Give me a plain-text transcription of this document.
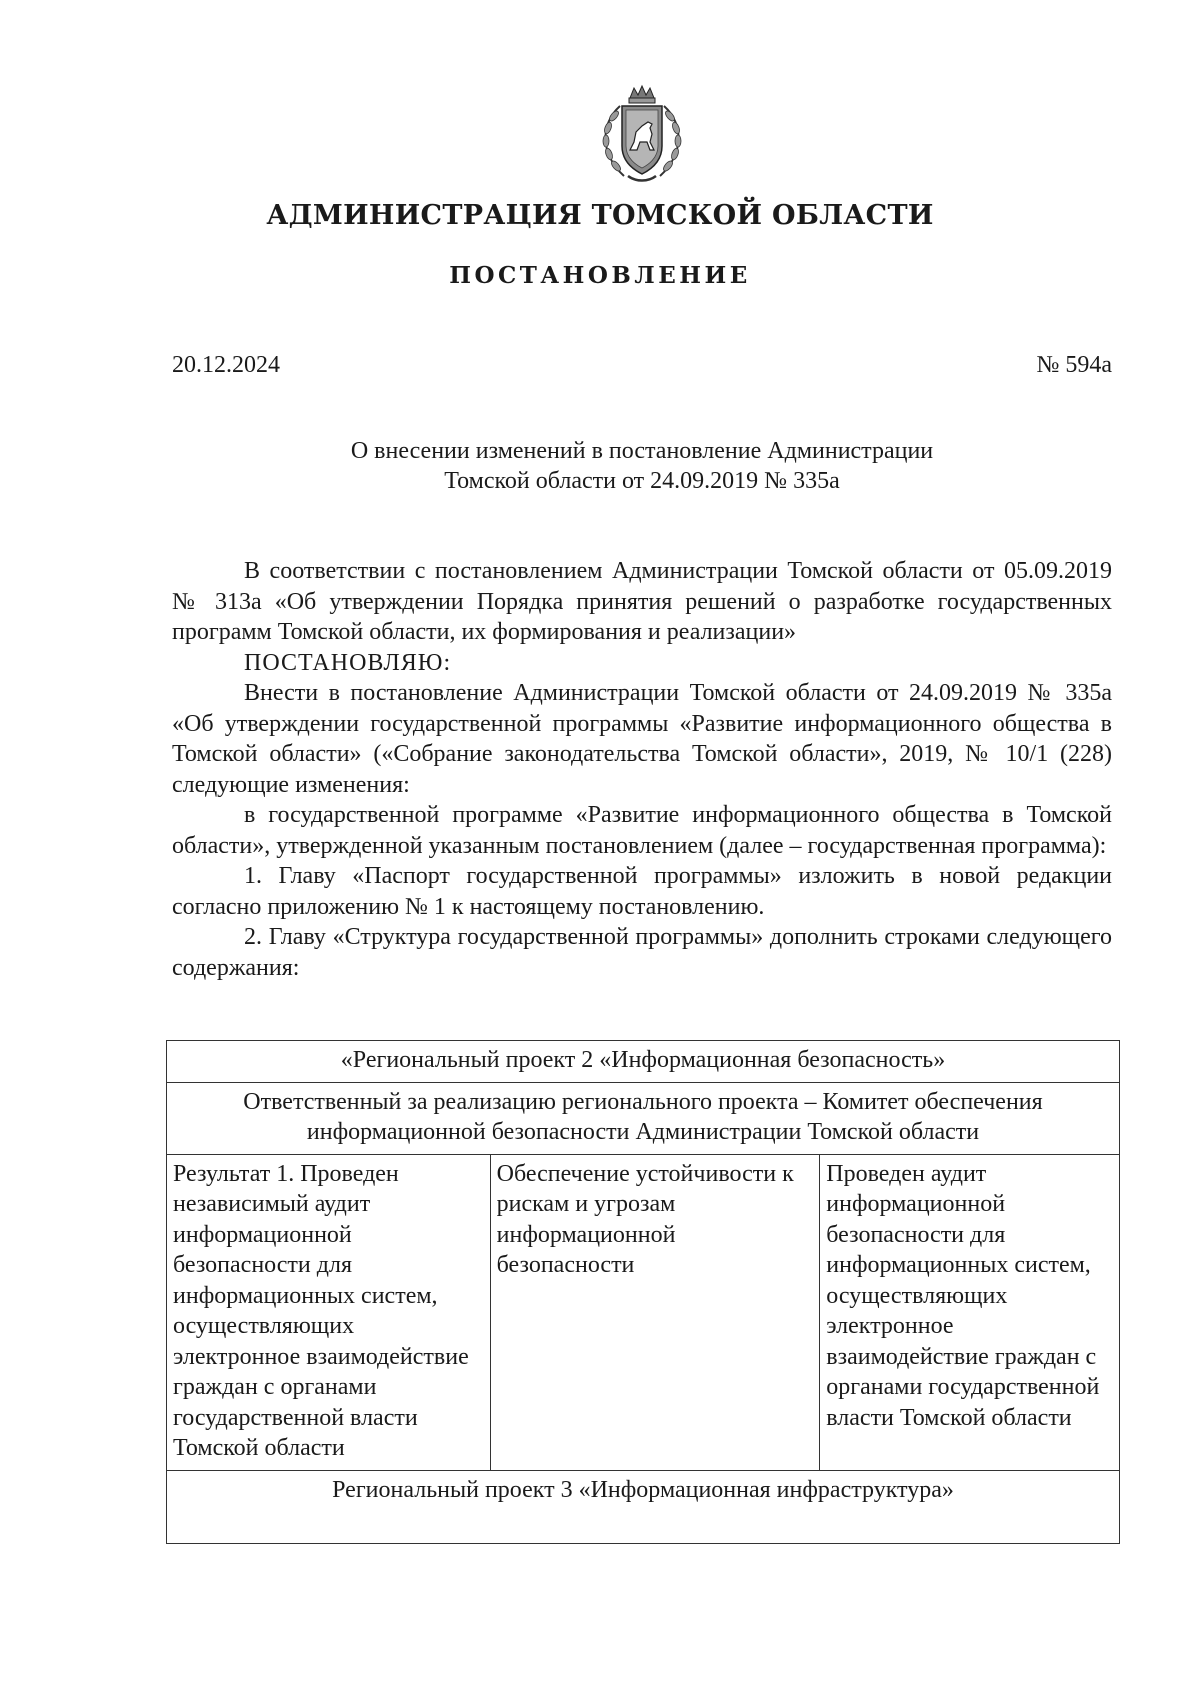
АДМИНИСТРАЦИЯ ТОМСКОЙ ОБЛАСТИ
ПОСТАНОВЛЕНИЕ
20.12.2024	№ 594а
О внесении изменений в постановление Администрации
Томской области от 24.09.2019 № 335а

В соответствии с постановлением Администрации Томской области от 05.09.2019 № 313а «Об утверждении Порядка принятия решений о разработке государственных программ Томской области, их формирования и реализации»

ПОСТАНОВЛЯЮ:

Внести в постановление Администрации Томской области от 24.09.2019 № 335а «Об утверждении государственной программы «Развитие информационного общества в Томской области» («Собрание законодательства Томской области», 2019, № 10/1 (228) следующие изменения:

в государственной программе «Развитие информационного общества в Томской области», утвержденной указанным постановлением (далее – государственная программа):

1. Главу «Паспорт государственной программы» изложить в новой редакции согласно приложению № 1 к настоящему постановлению.

2. Главу «Структура государственной программы» дополнить строками следующего содержания:

«Региональный проект 2 «Информационная безопасность»
Ответственный за реализацию регионального проекта – Комитет обеспечения информационной безопасности Администрации Томской области
Результат 1. Проведен независимый аудит информационной безопасности для информационных систем, осуществляющих электронное взаимодействие граждан с органами государственной власти Томской области	Обеспечение устойчивости к рискам и угрозам информационной безопасности	Проведен аудит информационной безопасности для информационных систем, осуществляющих электронное взаимодействие граждан с органами государственной власти Томской области
Региональный проект 3 «Информационная инфраструктура»
